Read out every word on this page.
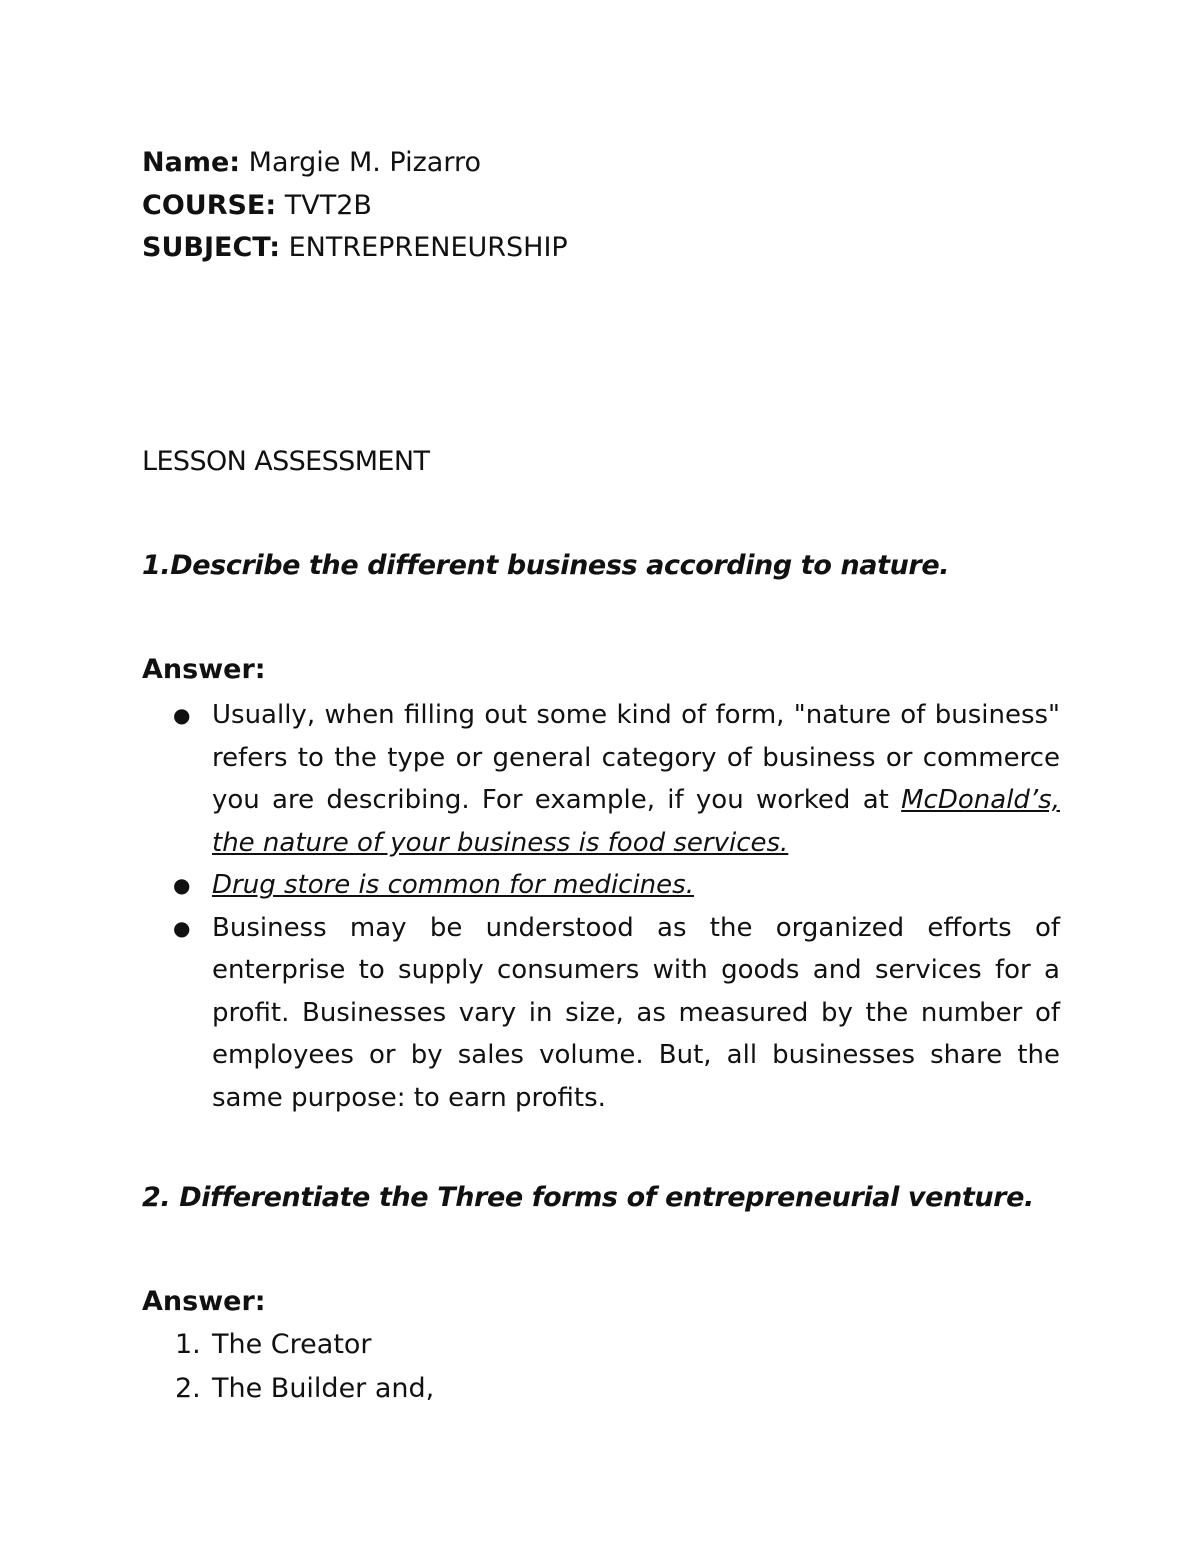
Name: Margie M. Pizarro
COURSE: TVT2B
SUBJECT: ENTREPRENEURSHIP
LESSON ASSESSMENT
1.Describe the different business according to nature.
Answer:
● Usually, when filling out some kind of form, "nature of business" refers to the type or general category of business or commerce you are describing. For example, if you worked at McDonald’s, the nature of your business is food services.
● Drug store is common for medicines.
● Business may be understood as the organized efforts of enterprise to supply consumers with goods and services for a profit. Businesses vary in size, as measured by the number of employees or by sales volume. But, all businesses share the same purpose: to earn profits.
2. Differentiate the Three forms of entrepreneurial venture.
Answer:
1. The Creator
2. The Builder and,
